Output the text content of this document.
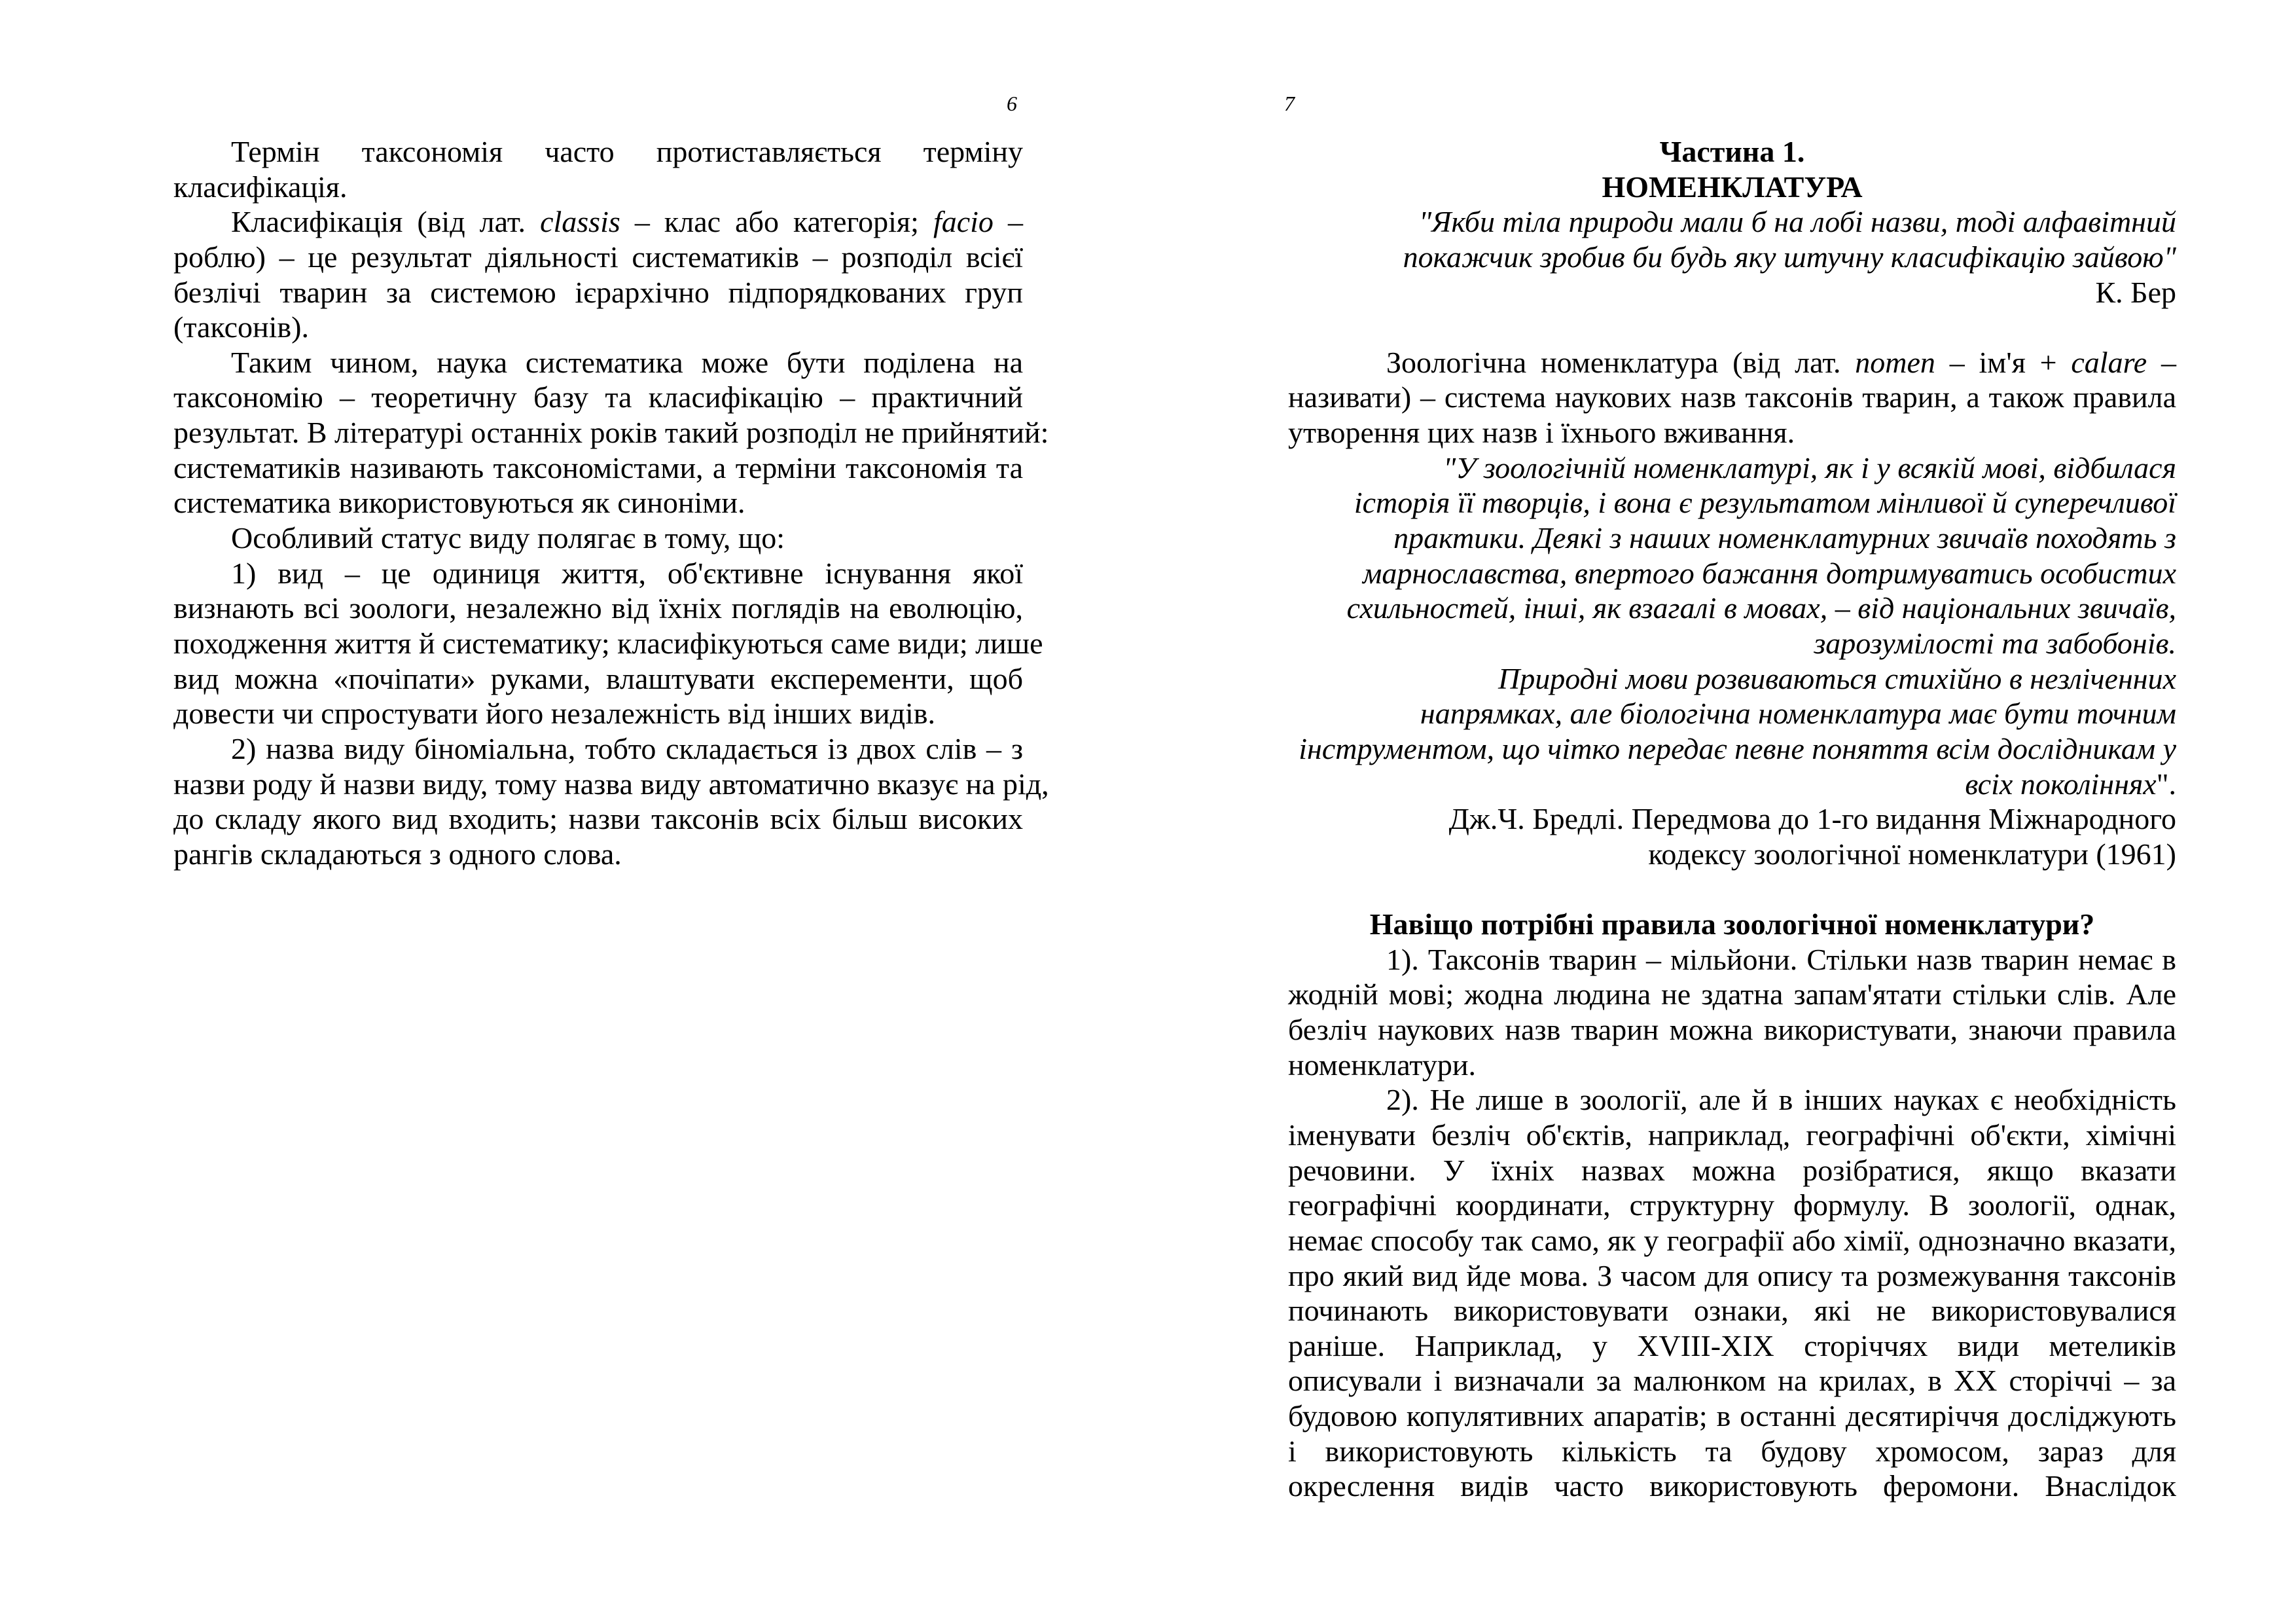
6	7
Термін таксономія часто протиставляється терміну
класифікація.
Класифікація (від лат. classis – клас або категорія; facio –
роблю) – це результат діяльності систематиків – розподіл всієї
безлічі тварин за системою ієрархічно підпорядкованих груп
(таксонів).
Таким чином, наука систематика може бути поділена на
таксономію – теоретичну базу та класифікацію – практичний
результат. В літературі останніх років такий розподіл не прийнятий:
систематиків називають таксономістами, а терміни таксономія та
систематика використовуються як синоніми.
Особливий статус виду полягає в тому, що:
1) вид – це одиниця життя, об'єктивне існування якої
визнають всі зоологи, незалежно від їхніх поглядів на еволюцію,
походження життя й систематику; класифікуються саме види; лише
вид можна «почіпати» руками, влаштувати експеременти, щоб
довести чи спростувати його незалежність від інших видів.
2) назва виду біноміальна, тобто складається із двох слів – з
назви роду й назви виду, тому назва виду автоматично вказує на рід,
до складу якого вид входить; назви таксонів всіх більш високих
рангів складаються з одного слова.
Частина 1.
НОМЕНКЛАТУРА
"Якби тіла природи мали б на лобі назви, тоді алфавітний
покажчик зробив би будь яку штучну класифікацію зайвою"
К. Бер
Зоологічна номенклатура (від лат. nomen – ім'я + calare –
називати) – система наукових назв таксонів тварин, а також правила
утворення цих назв і їхнього вживання.
"У зоологічній номенклатурі, як і у всякій мові, відбилася
історія її творців, і вона є результатом мінливої й суперечливої
практики. Деякі з наших номенклатурних звичаїв походять з
марнославства, впертого бажання дотримуватись особистих
схильностей, інші, як взагалі в мовах, – від національних звичаїв,
зарозумілості та забобонів.
Природні мови розвиваються стихійно в незліченних
напрямках, але біологічна номенклатура має бути точним
інструментом, що чітко передає певне поняття всім дослідникам у
всіх поколіннях".
Дж.Ч. Бредлі. Передмова до 1-го видання Міжнародного
кодексу зоологічної номенклатури (1961)
Навіщо потрібні правила зоологічної номенклатури?
1). Таксонів тварин – мільйони. Стільки назв тварин немає в
жодній мові; жодна людина не здатна запам'ятати стільки слів. Але
безліч наукових назв тварин можна використувати, знаючи правила
номенклатури.
2). Не лише в зоології, але й в інших науках є необхідність
іменувати безліч об'єктів, наприклад, географічні об'єкти, хімічні
речовини. У їхніх назвах можна розібратися, якщо вказати
географічні координати, структурну формулу. В зоології, однак,
немає способу так само, як у географії або хімії, однозначно вказати,
про який вид йде мова. З часом для опису та розмежування таксонів
починають використовувати ознаки, які не використовувалися
раніше. Наприклад, у XVIII-XIX сторіччях види метеликів
описували і визначали за малюнком на крилах, в XX сторіччі – за
будовою копулятивних апаратів; в останні десятиріччя досліджують
і використовують кількість та будову хромосом, зараз для
окреслення видів часто використовують феромони. Внаслідок
